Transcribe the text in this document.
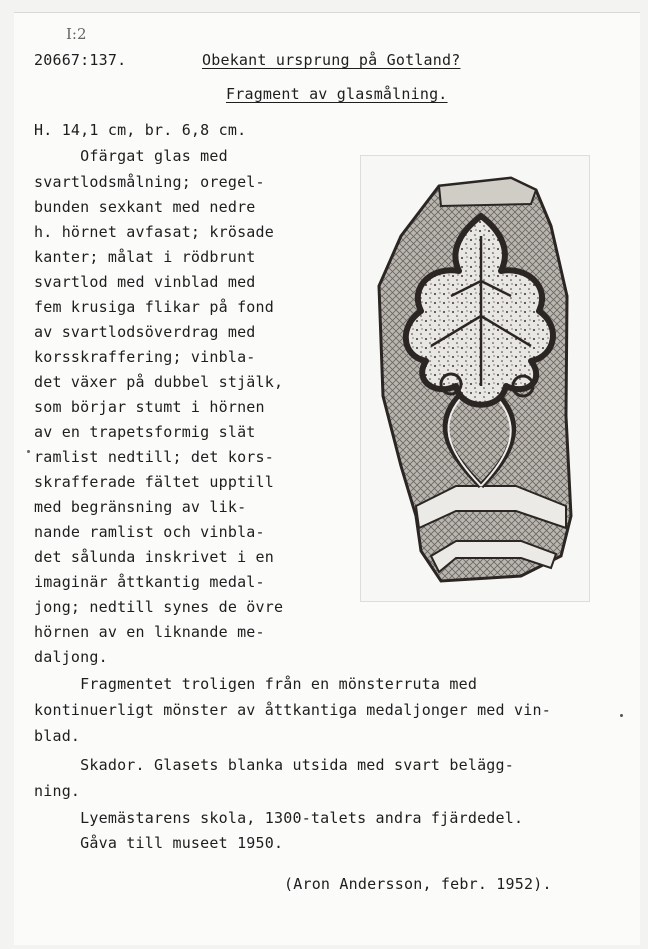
I:2
20667:137.	Obekant ursprung på Gotland?
Fragment av glasmålning.
H. 14,1 cm, br. 6,8 cm.
Ofärgat glas med
svartlodsmålning; oregel-
bunden sexkant med nedre
h. hörnet avfasat; krösade
kanter; målat i rödbrunt
svartlod med vinblad med
fem krusiga flikar på fond
av svartlodsöverdrag med
korsskraffering; vinbla-
det växer på dubbel stjälk,
som börjar stumt i hörnen
av en trapetsformig slät
ramlist nedtill; det kors-
skrafferade fältet upptill
med begränsning av lik-
nande ramlist och vinbla-
det sålunda inskrivet i en
imaginär åttkantig medal-
jong; nedtill synes de övre
hörnen av en liknande me-
daljong.
Fragmentet troligen från en mönsterruta med
kontinuerligt mönster av åttkantiga medaljonger med vin-
blad.
Skador. Glasets blanka utsida med svart belägg-
ning.
Lyemästarens skola, 1300-talets andra fjärdedel.
Gåva till museet 1950.
(Aron Andersson, febr. 1952).
